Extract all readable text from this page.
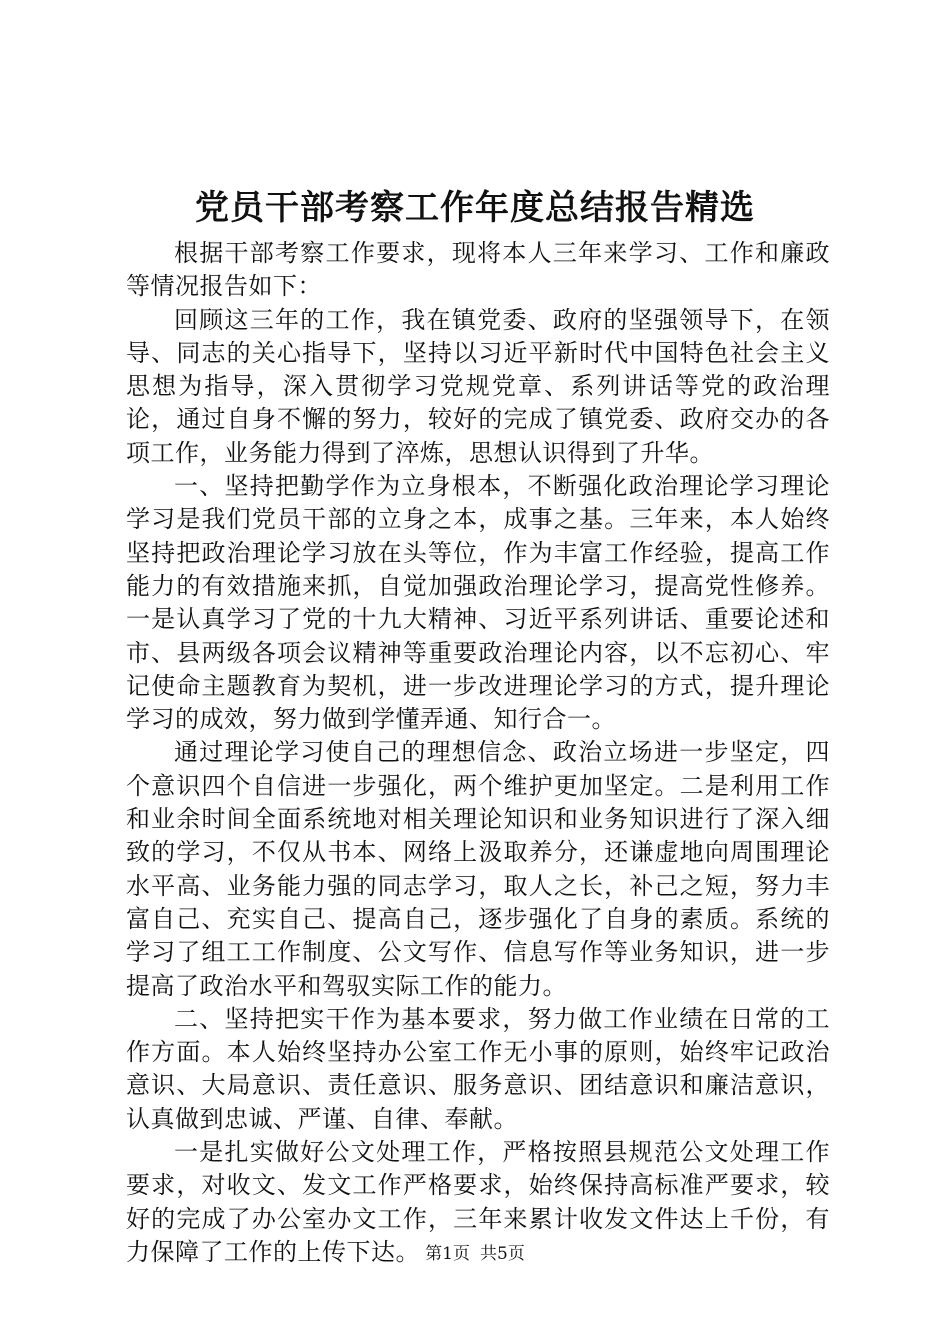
党员干部考察工作年度总结报告精选

根据干部考察工作要求，现将本人三年来学习、工作和廉政等情况报告如下：

回顾这三年的工作，我在镇党委、政府的坚强领导下，在领导、同志的关心指导下，坚持以习近平新时代中国特色社会主义思想为指导，深入贯彻学习党规党章、系列讲话等党的政治理论，通过自身不懈的努力，较好的完成了镇党委、政府交办的各项工作，业务能力得到了淬炼，思想认识得到了升华。

一、坚持把勤学作为立身根本，不断强化政治理论学习理论学习是我们党员干部的立身之本，成事之基。三年来，本人始终坚持把政治理论学习放在头等位，作为丰富工作经验，提高工作能力的有效措施来抓，自觉加强政治理论学习，提高党性修养。一是认真学习了党的十九大精神、习近平系列讲话、重要论述和市、县两级各项会议精神等重要政治理论内容，以不忘初心、牢记使命主题教育为契机，进一步改进理论学习的方式，提升理论学习的成效，努力做到学懂弄通、知行合一。

通过理论学习使自己的理想信念、政治立场进一步坚定，四个意识四个自信进一步强化，两个维护更加坚定。二是利用工作和业余时间全面系统地对相关理论知识和业务知识进行了深入细致的学习，不仅从书本、网络上汲取养分，还谦虚地向周围理论水平高、业务能力强的同志学习，取人之长，补己之短，努力丰富自己、充实自己、提高自己，逐步强化了自身的素质。系统的学习了组工工作制度、公文写作、信息写作等业务知识，进一步提高了政治水平和驾驭实际工作的能力。

二、坚持把实干作为基本要求，努力做工作业绩在日常的工作方面。本人始终坚持办公室工作无小事的原则，始终牢记政治意识、大局意识、责任意识、服务意识、团结意识和廉洁意识，认真做到忠诚、严谨、自律、奉献。

一是扎实做好公文处理工作，严格按照县规范公文处理工作要求，对收文、发文工作严格要求，始终保持高标准严要求，较好的完成了办公室办文工作，三年来累计收发文件达上千份，有力保障了工作的上传下达。 第1页 共5页
